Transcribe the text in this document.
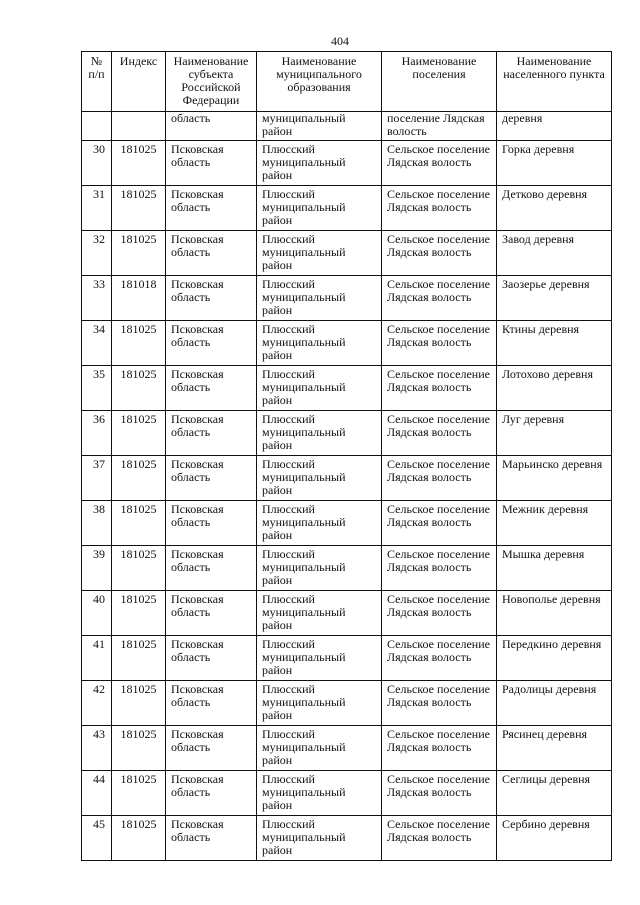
404
№ п/п	Индекс	Наименование субъекта Российской Федерации	Наименование муниципального образования	Наименование поселения	Наименование населенного пункта
		область	муниципальный район	поселение Лядская волость	деревня
30	181025	Псковская область	Плюсский муниципальный район	Сельское поселение Лядская волость	Горка деревня
31	181025	Псковская область	Плюсский муниципальный район	Сельское поселение Лядская волость	Детково деревня
32	181025	Псковская область	Плюсский муниципальный район	Сельское поселение Лядская волость	Завод деревня
33	181018	Псковская область	Плюсский муниципальный район	Сельское поселение Лядская волость	Заозерье деревня
34	181025	Псковская область	Плюсский муниципальный район	Сельское поселение Лядская волость	Ктины деревня
35	181025	Псковская область	Плюсский муниципальный район	Сельское поселение Лядская волость	Лотохово деревня
36	181025	Псковская область	Плюсский муниципальный район	Сельское поселение Лядская волость	Луг деревня
37	181025	Псковская область	Плюсский муниципальный район	Сельское поселение Лядская волость	Марьинско деревня
38	181025	Псковская область	Плюсский муниципальный район	Сельское поселение Лядская волость	Межник деревня
39	181025	Псковская область	Плюсский муниципальный район	Сельское поселение Лядская волость	Мышка деревня
40	181025	Псковская область	Плюсский муниципальный район	Сельское поселение Лядская волость	Новополье деревня
41	181025	Псковская область	Плюсский муниципальный район	Сельское поселение Лядская волость	Передкино деревня
42	181025	Псковская область	Плюсский муниципальный район	Сельское поселение Лядская волость	Радолицы деревня
43	181025	Псковская область	Плюсский муниципальный район	Сельское поселение Лядская волость	Рясинец деревня
44	181025	Псковская область	Плюсский муниципальный район	Сельское поселение Лядская волость	Сеглицы деревня
45	181025	Псковская область	Плюсский муниципальный район	Сельское поселение Лядская волость	Сербино деревня
